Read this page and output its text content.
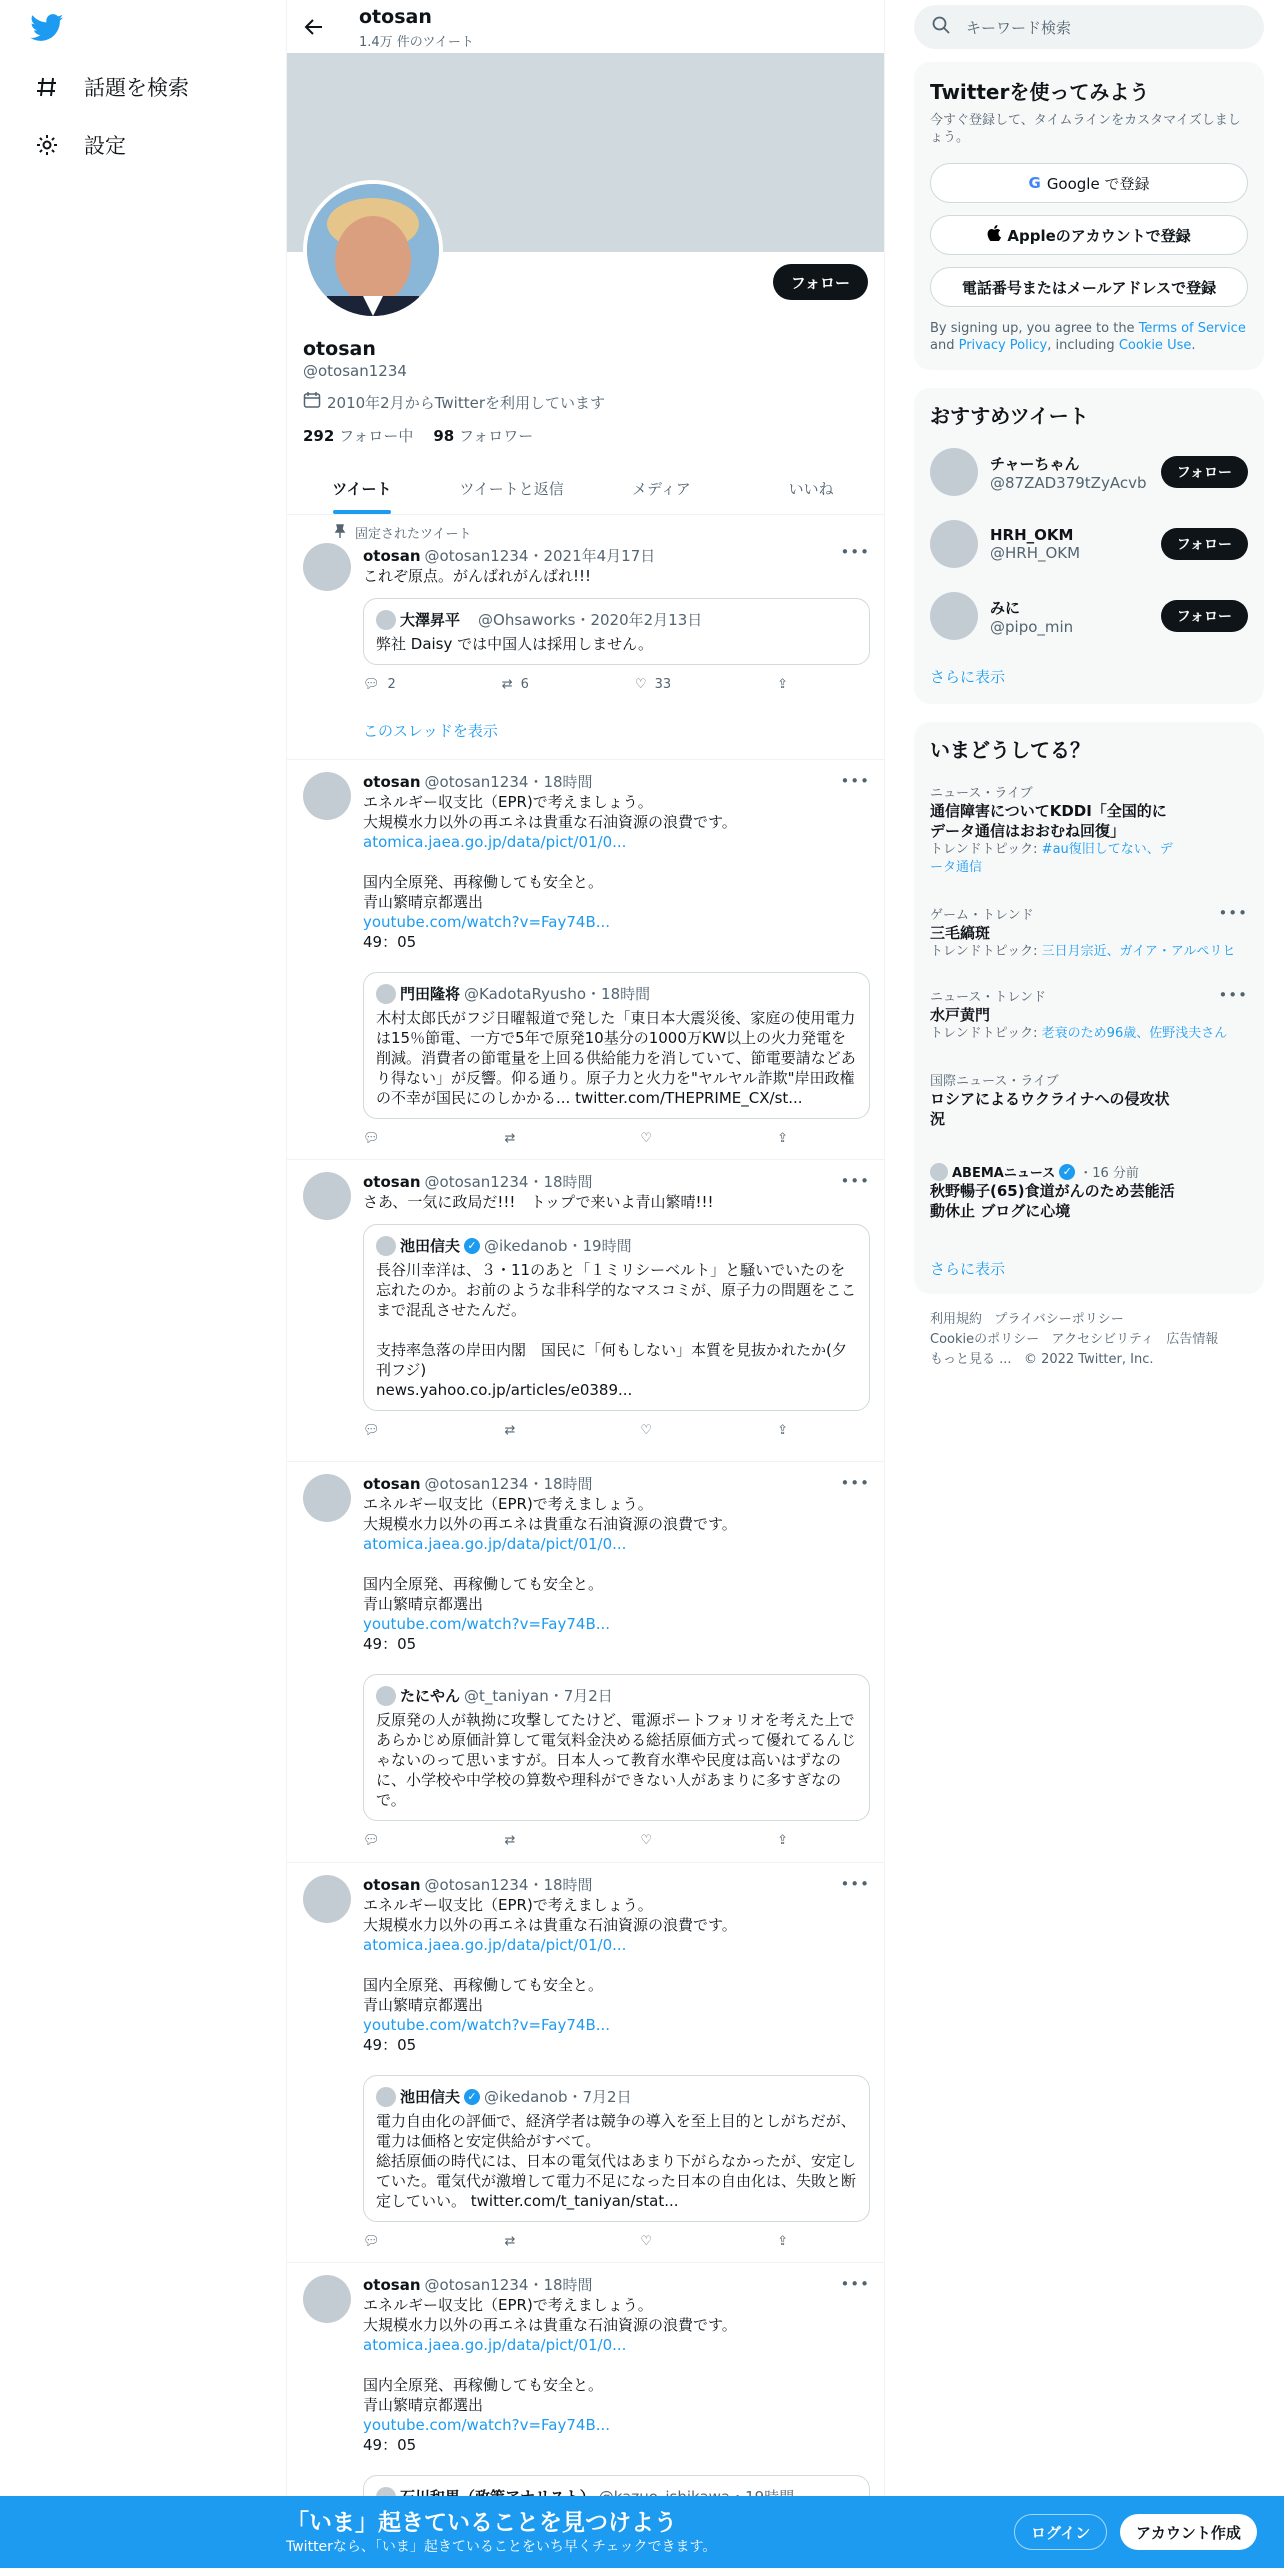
話題を検索
設定
otosan
1.4万 件のツイート
フォロー
otosan
@otosan1234
2010年2月からTwitterを利用しています
292 フォロー中 98 フォロワー
ツイート	ツイートと返信	メディア	いいね
固定されたツイート
•••
otosan @otosan1234・2021年4月17日
これぞ原点。がんばれがんばれ!!!
大澤昇平 @Ohsaworks・2020年2月13日
弊社 Daisy では中国人は採用しません。
💬︎ 2	⇄ 6	♡ 33	⇪
このスレッドを表示
•••
otosan @otosan1234・18時間
エネルギー収支比（EPR)で考えましょう。
大規模水力以外の再エネは貴重な石油資源の浪費です。
atomica.jaea.go.jp/data/pict/01/0...
国内全原発、再稼働しても安全と。
青山繁晴京都選出
youtube.com/watch?v=Fay74B...
49：05
門田隆将 @KadotaRyusho・18時間
木村太郎氏がフジ日曜報道で発した「東日本大震災後、家庭の使用電力は15％節電、一方で5年で原発10基分の1000万KW以上の火力発電を削減。消費者の節電量を上回る供給能力を消していて、節電要請などあり得ない」が反響。仰る通り。原子力と火力を"ヤルヤル詐欺"岸田政権の不幸が国民にのしかかる... twitter.com/THEPRIME_CX/st...
💬︎	⇄	♡	⇪
•••
otosan @otosan1234・18時間
さあ、一気に政局だ!!!　トップで来いよ青山繁晴!!!
池田信夫 ✓ @ikedanob・19時間
長谷川幸洋は、３・11のあと「１ミリシーベルト」と騒いでいたのを忘れたのか。お前のような非科学的なマスコミが、原子力の問題をここまで混乱させたんだ。

支持率急落の岸田内閣　国民に「何もしない」本質を見抜かれたか(夕刊フジ)
news.yahoo.co.jp/articles/e0389...
💬︎	⇄	♡	⇪
•••
otosan @otosan1234・18時間
エネルギー収支比（EPR)で考えましょう。
大規模水力以外の再エネは貴重な石油資源の浪費です。
atomica.jaea.go.jp/data/pict/01/0...
国内全原発、再稼働しても安全と。
青山繁晴京都選出
youtube.com/watch?v=Fay74B...
49：05
たにやん @t_taniyan・7月2日
反原発の人が執拗に攻撃してたけど、電源ポートフォリオを考えた上であらかじめ原価計算して電気料金決める総括原価方式って優れてるんじゃないのって思いますが。日本人って教育水準や民度は高いはずなのに、小学校や中学校の算数や理科ができない人があまりに多すぎなので。
💬︎	⇄	♡	⇪
•••
otosan @otosan1234・18時間
エネルギー収支比（EPR)で考えましょう。
大規模水力以外の再エネは貴重な石油資源の浪費です。
atomica.jaea.go.jp/data/pict/01/0...
国内全原発、再稼働しても安全と。
青山繁晴京都選出
youtube.com/watch?v=Fay74B...
49：05
池田信夫 ✓ @ikedanob・7月2日
電力自由化の評価で、経済学者は競争の導入を至上目的としがちだが、電力は価格と安定供給がすべて。
総括原価の時代には、日本の電気代はあまり下がらなかったが、安定していた。電気代が激増して電力不足になった日本の自由化は、失敗と断定していい。 twitter.com/t_taniyan/stat...
💬︎	⇄	♡	⇪
•••
otosan @otosan1234・18時間
エネルギー収支比（EPR)で考えましょう。
大規模水力以外の再エネは貴重な石油資源の浪費です。
atomica.jaea.go.jp/data/pict/01/0...
国内全原発、再稼働しても安全と。
青山繁晴京都選出
youtube.com/watch?v=Fay74B...
49：05
キーワード検索
Twitterを使ってみよう
今すぐ登録して、タイムラインをカスタマイズしましょう。
G Google で登録
Appleのアカウントで登録
電話番号またはメールアドレスで登録
By signing up, you agree to the Terms of Service and Privacy Policy, including Cookie Use.
おすすめツイート
チャーちゃん
@87ZAD379tZyAcvb
フォロー
HRH_OKM
@HRH_OKM	フォロー
みに
@pipo_min
フォロー
さらに表示
いまどうしてる？
ニュース・ライブ
通信障害についてKDDI「全国的にデータ通信はおおむね回復」
トレンドトピック: #au復旧してない、データ通信
•••
ゲーム・トレンド
三毛縞斑
トレンドトピック: 三日月宗近、ガイア・アルペリヒ
•••
ニュース・トレンド
水戸黄門
トレンドトピック: 老衰のため96歳、佐野浅夫さん
国際ニュース・ライブ
ロシアによるウクライナへの侵攻状況
ABEMAニュース ✓ ・16 分前
秋野暢子(65)食道がんのため芸能活動休止 ブログに心境
さらに表示
利用規約 プライバシーポリシー
Cookieのポリシー アクセシビリティ 広告情報
もっと見る ... © 2022 Twitter, Inc.
「いま」起きていることを見つけよう
Twitterなら、「いま」起きていることをいち早くチェックできます。
ログイン	アカウント作成
